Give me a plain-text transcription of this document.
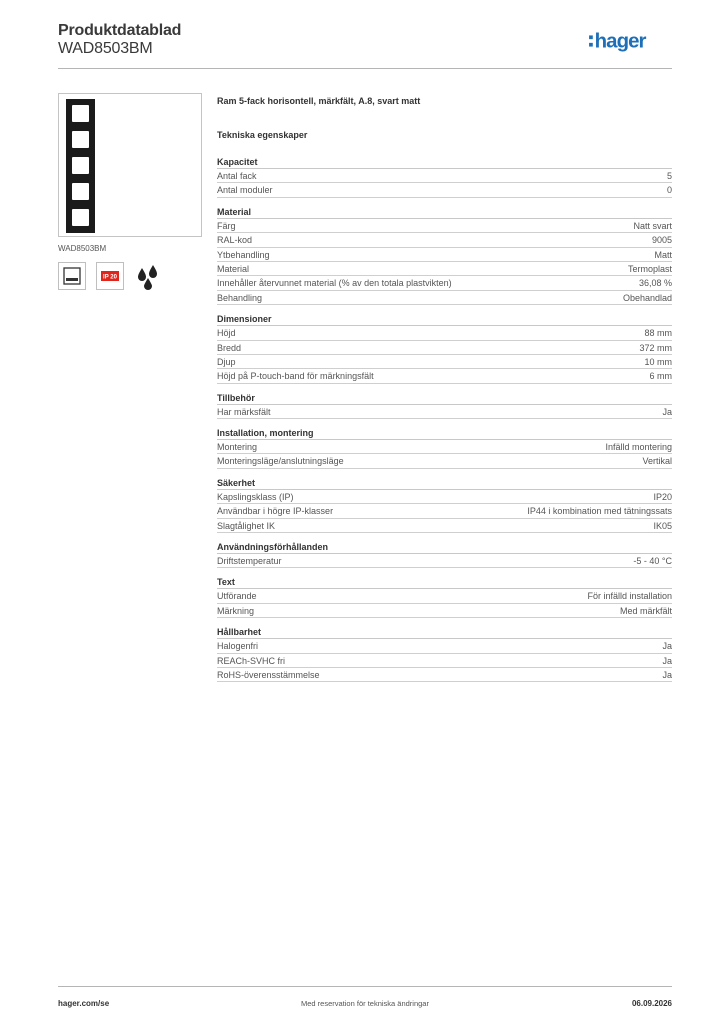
Produktdatablad
WAD8503BM	hager
WAD8503BM
IP 20
Ram 5-fack horisontell, märkfält, A.8, svart matt
Tekniska egenskaper
Kapacitet
Antal fack	5
Antal moduler	0
Material
Färg	Natt svart
RAL-kod	9005
Ytbehandling	Matt
Material	Termoplast
Innehåller återvunnet material (% av den totala plastvikten)	36,08 %
Behandling	Obehandlad
Dimensioner
Höjd	88 mm
Bredd	372 mm
Djup	10 mm
Höjd på P-touch-band för märkningsfält	6 mm
Tillbehör
Har märksfält	Ja
Installation, montering
Montering	Infälld montering
Monteringsläge/anslutningsläge	Vertikal
Säkerhet
Kapslingsklass (IP)	IP20
Användbar i högre IP-klasser	IP44 i kombination med tätningssats
Slagtålighet IK	IK05
Användningsförhållanden
Driftstemperatur	-5 - 40 °C
Text
Utförande	För infälld installation
Märkning	Med märkfält
Hållbarhet
Halogenfri	Ja
REACh-SVHC fri	Ja
RoHS-överensstämmelse	Ja
hager.com/se	Med reservation för tekniska ändringar	06.09.2026
